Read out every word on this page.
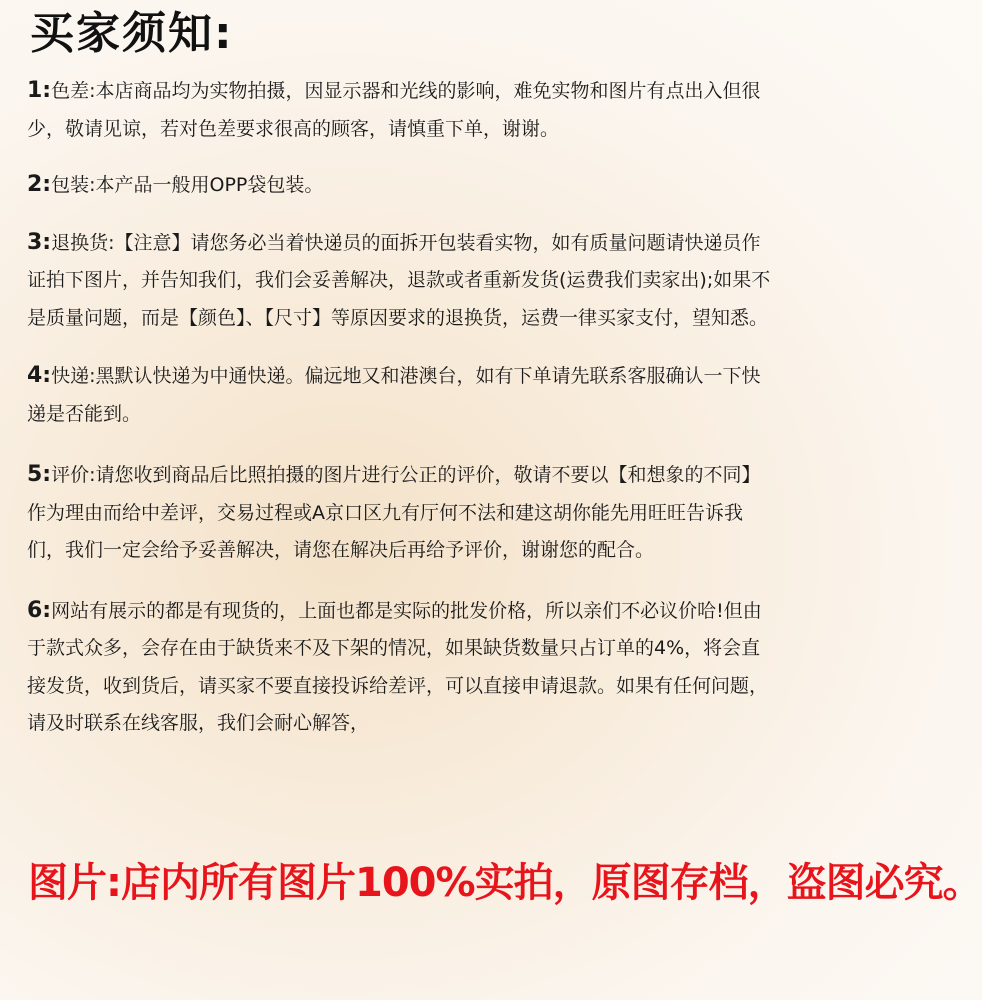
买家须知:
1:色差:本店商品均为实物拍摄，因显示器和光线的影响，难免实物和图片有点出入但很少，敬请见谅，若对色差要求很高的顾客，请慎重下单，谢谢。
2:包装:本产品一般用OPP袋包装。
3:退换货:【注意】请您务必当着快递员的面拆开包装看实物，如有质量问题请快递员作证拍下图片，并告知我们，我们会妥善解决，退款或者重新发货(运费我们卖家出);如果不是质量问题，而是【颜色】、【尺寸】等原因要求的退换货，运费一律买家支付，望知悉。
4:快递:黑默认快递为中通快递。偏远地又和港澳台，如有下单请先联系客服确认一下快递是否能到。
5:评价:请您收到商品后比照拍摄的图片进行公正的评价，敬请不要以【和想象的不同】作为理由而给中差评，交易过程或A京口区九有厅何不法和建这胡你能先用旺旺告诉我们，我们一定会给予妥善解决，请您在解决后再给予评价，谢谢您的配合。
6:网站有展示的都是有现货的，上面也都是实际的批发价格，所以亲们不必议价哈!但由于款式众多，会存在由于缺货来不及下架的情况，如果缺货数量只占订单的4%，将会直接发货，收到货后，请买家不要直接投诉给差评，可以直接申请退款。如果有任何问题，请及时联系在线客服，我们会耐心解答，
图片:店内所有图片100%实拍，原图存档，盗图必究。
